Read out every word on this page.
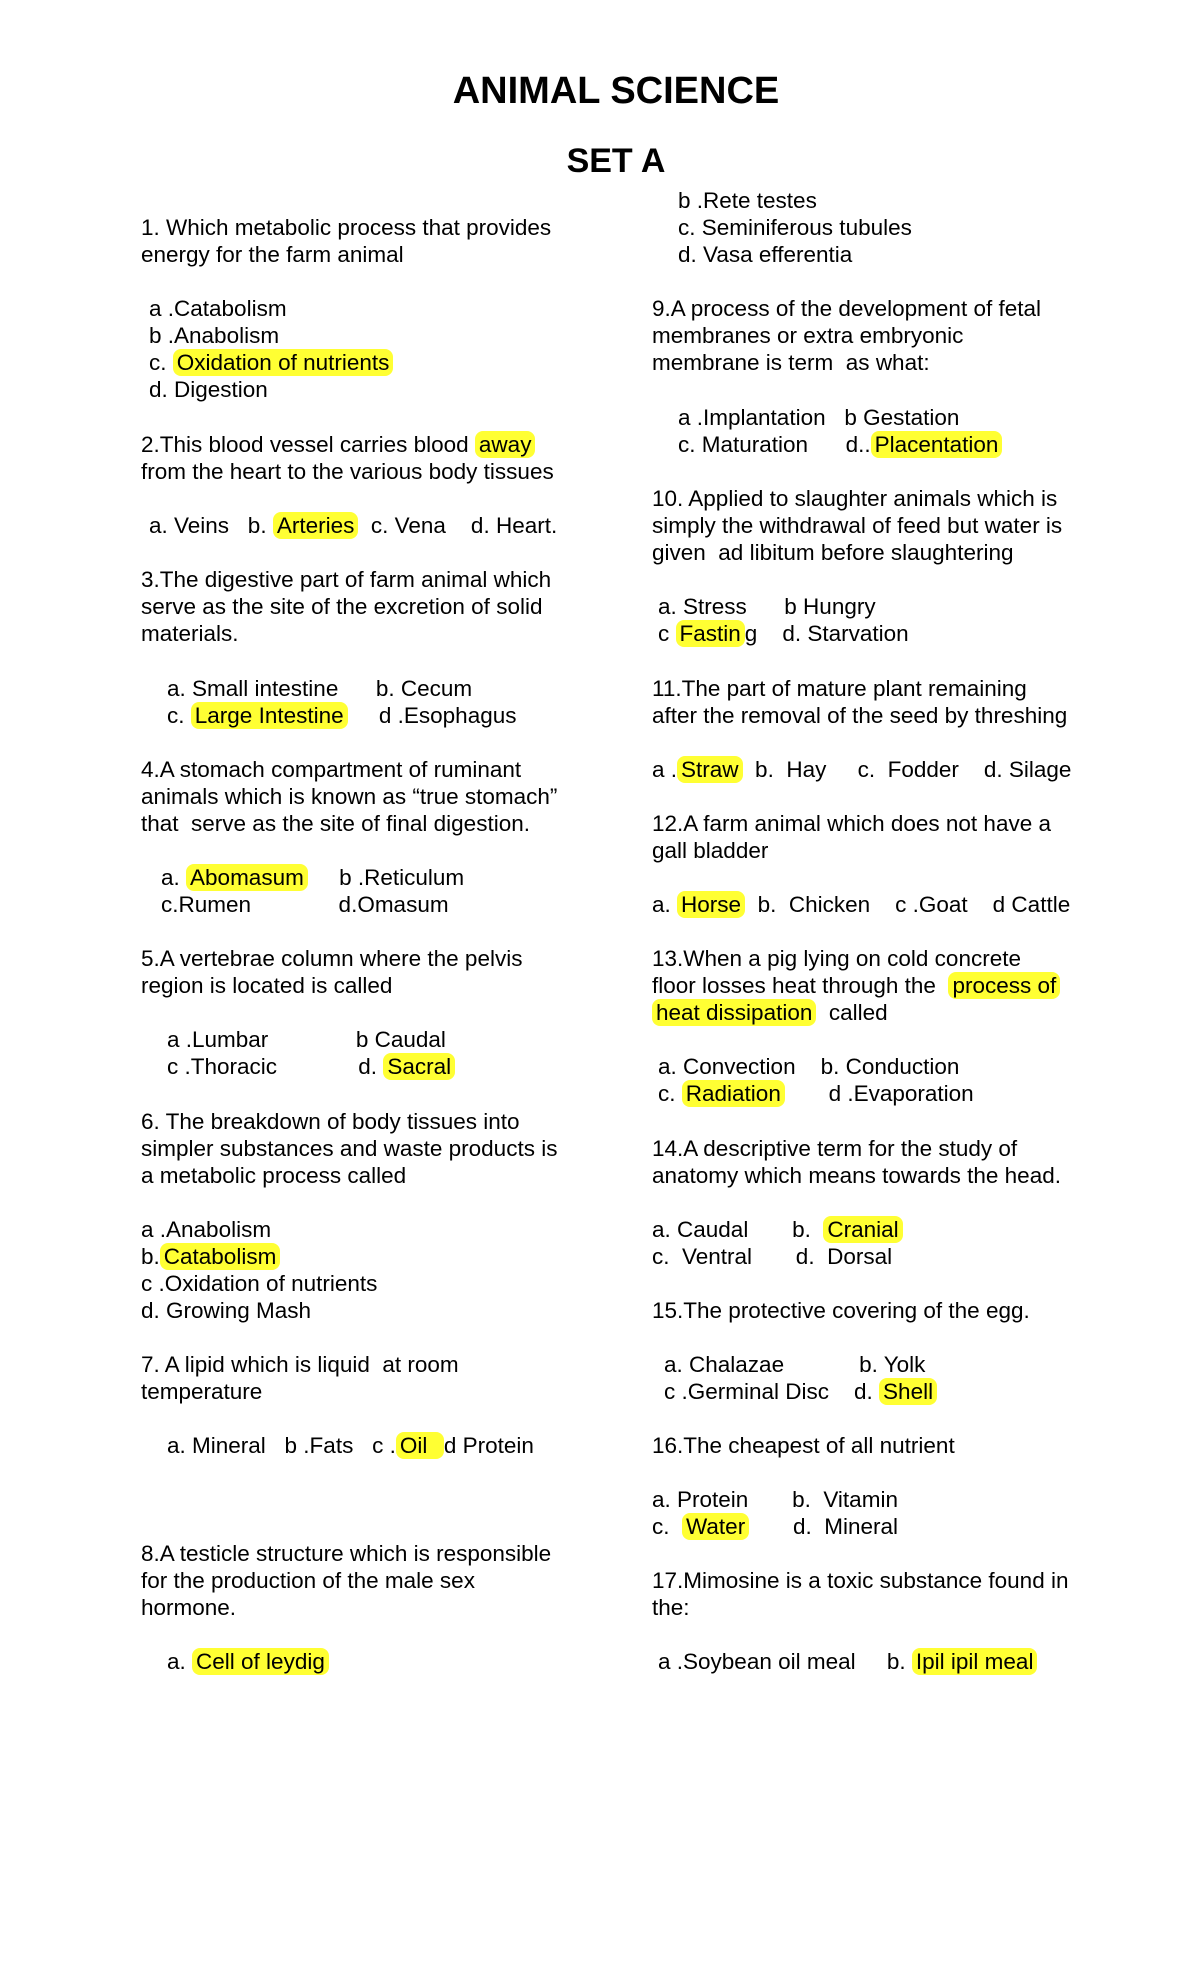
ANIMAL SCIENCE
SET A
1. Which metabolic process that provides
energy for the farm animal
a .Catabolism
b .Anabolism
c. Oxidation of nutrients
d. Digestion
2.This blood vessel carries blood away
from the heart to the various body tissues
a. Veins   b. Arteries  c. Vena    d. Heart.
3.The digestive part of farm animal which
serve as the site of the excretion of solid
materials.
a. Small intestine      b. Cecum
c. Large Intestine     d .Esophagus
4.A stomach compartment of ruminant
animals which is known as “true stomach”
that  serve as the site of final digestion.
a. Abomasum     b .Reticulum
c.Rumen              d.Omasum
5.A vertebrae column where the pelvis
region is located is called
a .Lumbar              b Caudal
c .Thoracic             d. Sacral
6. The breakdown of body tissues into
simpler substances and waste products is
a metabolic process called
a .Anabolism
b. Catabolism
c .Oxidation of nutrients
d. Growing Mash
7. A lipid which is liquid  at room
temperature
a. Mineral   b .Fats   c . Oil  d Protein
8.A testicle structure which is responsible
for the production of the male sex
hormone.
a. Cell of leydig
b .Rete testes
c. Seminiferous tubules
d. Vasa efferentia
9.A process of the development of fetal
membranes or extra embryonic
membrane is term  as what:
a .Implantation   b Gestation
c. Maturation      d.. Placentation
10. Applied to slaughter animals which is
simply the withdrawal of feed but water is
given  ad libitum before slaughtering
a. Stress      b Hungry
c Fastin g    d. Starvation
11.The part of mature plant remaining
after the removal of the seed by threshing
a . Straw  b.  Hay     c.  Fodder    d. Silage
12.A farm animal which does not have a
gall bladder
a. Horse  b.  Chicken    c .Goat    d Cattle
13.When a pig lying on cold concrete
floor losses heat through the  process of
heat dissipation  called
a. Convection    b. Conduction
c. Radiation       d .Evaporation
14.A descriptive term for the study of
anatomy which means towards the head.
a. Caudal       b.  Cranial
c.  Ventral       d.  Dorsal
15.The protective covering of the egg.
a. Chalazae            b. Yolk
c .Germinal Disc    d. Shell
16.The cheapest of all nutrient
a. Protein       b.  Vitamin
c.  Water       d.  Mineral
17.Mimosine is a toxic substance found in
the:
a .Soybean oil meal     b. Ipil ipil meal
